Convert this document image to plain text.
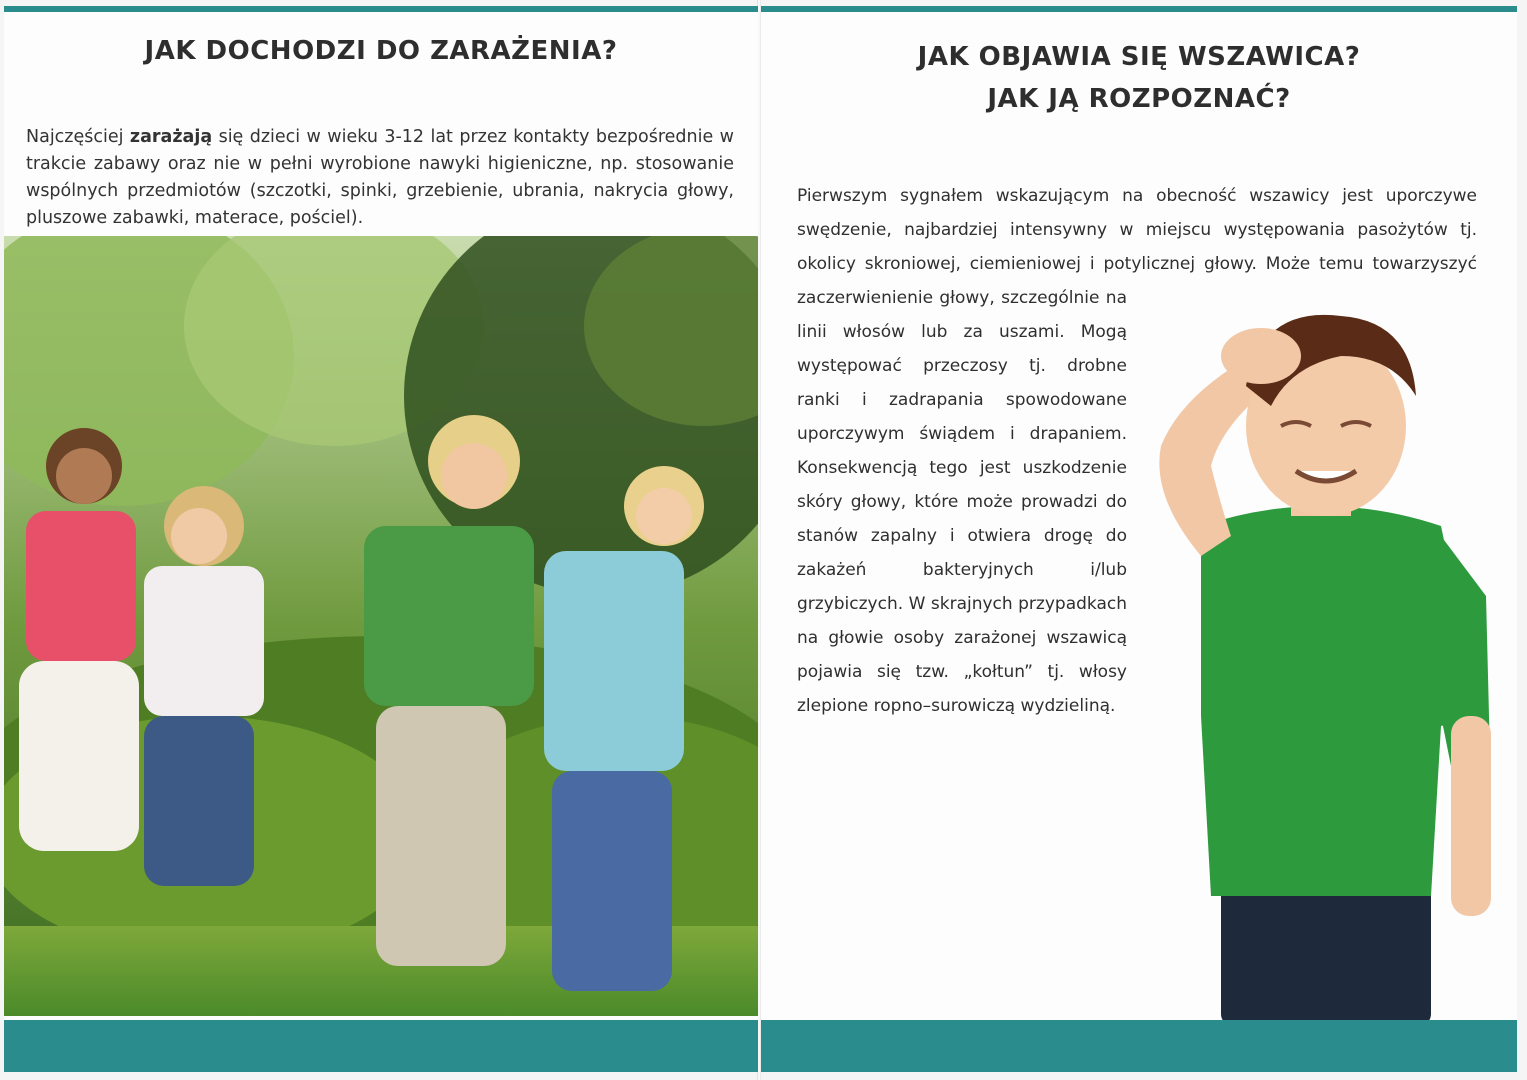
JAK DOCHODZI DO ZARAŻENIA?

Najczęściej zarażają się dzieci w wieku 3-12 lat przez kontakty bezpośrednie w trakcie zabawy oraz nie w pełni wyrobione nawyki higieniczne, np. stosowanie wspólnych przedmiotów (szczotki, spinki, grzebienie, ubrania, nakrycia głowy, pluszowe zabawki, materace, pościel).

JAK OBJAWIA SIĘ WSZAWICA?
JAK JĄ ROZPOZNAĆ?

Pierwszym sygnałem wskazującym na obecność wszawicy jest uporczywe swędzenie, najbardziej intensywny w miejscu występowania pasożytów tj. okolicy skroniowej, ciemieniowej i potylicznej głowy. Może temu towarzyszyć

zaczerwienienie głowy, szczególnie na linii włosów lub za uszami. Mogą występować przeczosy tj. drobne ranki i zadrapania spowodowane uporczywym świądem i drapaniem. Konsekwencją tego jest uszkodzenie skóry głowy, które może prowadzi do stanów zapalny i otwiera drogę do zakażeń bakteryjnych i/lub grzybiczych. W skrajnych przypadkach na głowie osoby zarażonej wszawicą pojawia się tzw. „kołtun” tj. włosy zlepione ropno–surowiczą wydzieliną.
